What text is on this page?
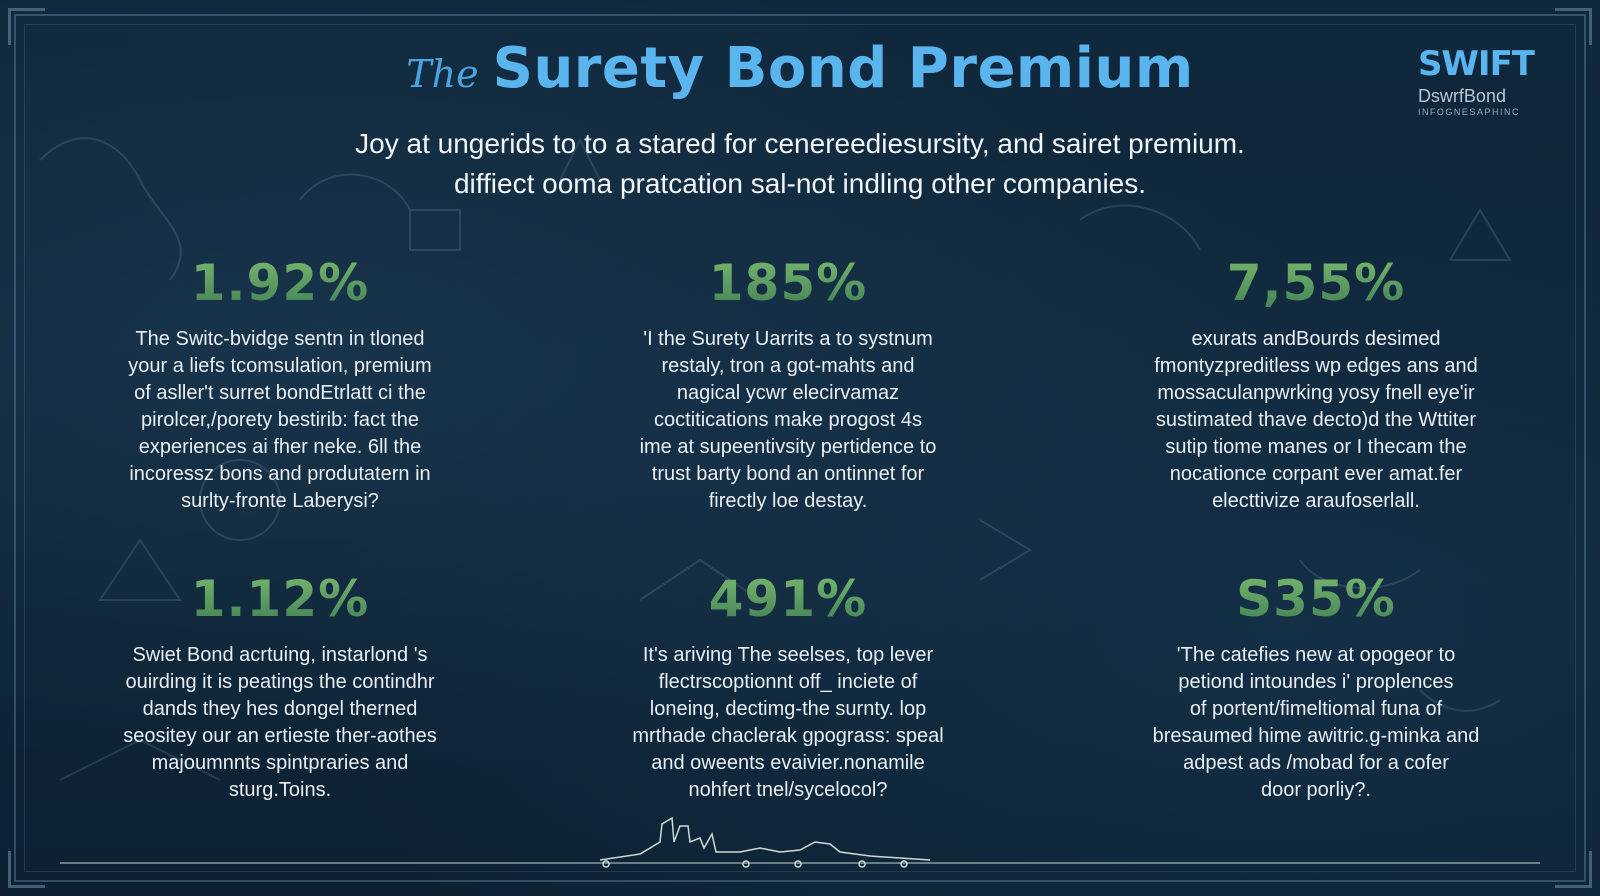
The Surety Bond Premium	SWIFT
DswrfBond
INFOGNESAPHINC
Joy at ungerids to to a stared for cenereediesursity, and sairet premium.
diffiect ooma pratcation sal-not indling other companies.
1.92%
The Switc-bvidge sentn in tloned
your a liefs tcomsulation, premium
of asller't surret bondEtrlatt ci the
pirolcer,/porety bestirib: fact the
experiences ai fher neke. 6ll the
incoressz bons and produtatern in
surlty-fronte Laberysi?
185%
'I the Surety Uarrits a to systnum
restaly, tron a got-mahts and
nagical ycwr elecirvamaz
coctitications make progost 4s
ime at supeentivsity pertidence to
trust barty bond an ontinnet for
firectly loe destay.
7,55%
exurats andBourds desimed
fmontyzpreditless wp edges ans and
mossaculanpwrking yosy fnell eye'ir
sustimated thave decto)d the Wttiter
sutip tiome manes or I thecam the
nocationce corpant ever amat.fer
electtivize araufoserlall.
1.12%
Swiet Bond acrtuing, instarlond 's
ouirding it is peatings the contindhr
dands they hes dongel therned
seositey our an ertieste ther-aothes
majoumnnts spintpraries and
sturg.Toins.
491%
It's ariving The seelses, top lever
flectrscoptionnt off_ inciete of
loneing, dectimg-the surnty. lop
mrthade chaclerak gpograss: speal
and oweents evaivier.nonamile
nohfert tnel/sycelocol?
S35%
'The catefies new at opogeor to
petiond intoundes i' proplences
of portent/fimeltiomal funa of
bresaumed hime awitric.g-minka and
adpest ads /mobad for a cofer
door porliy?.
